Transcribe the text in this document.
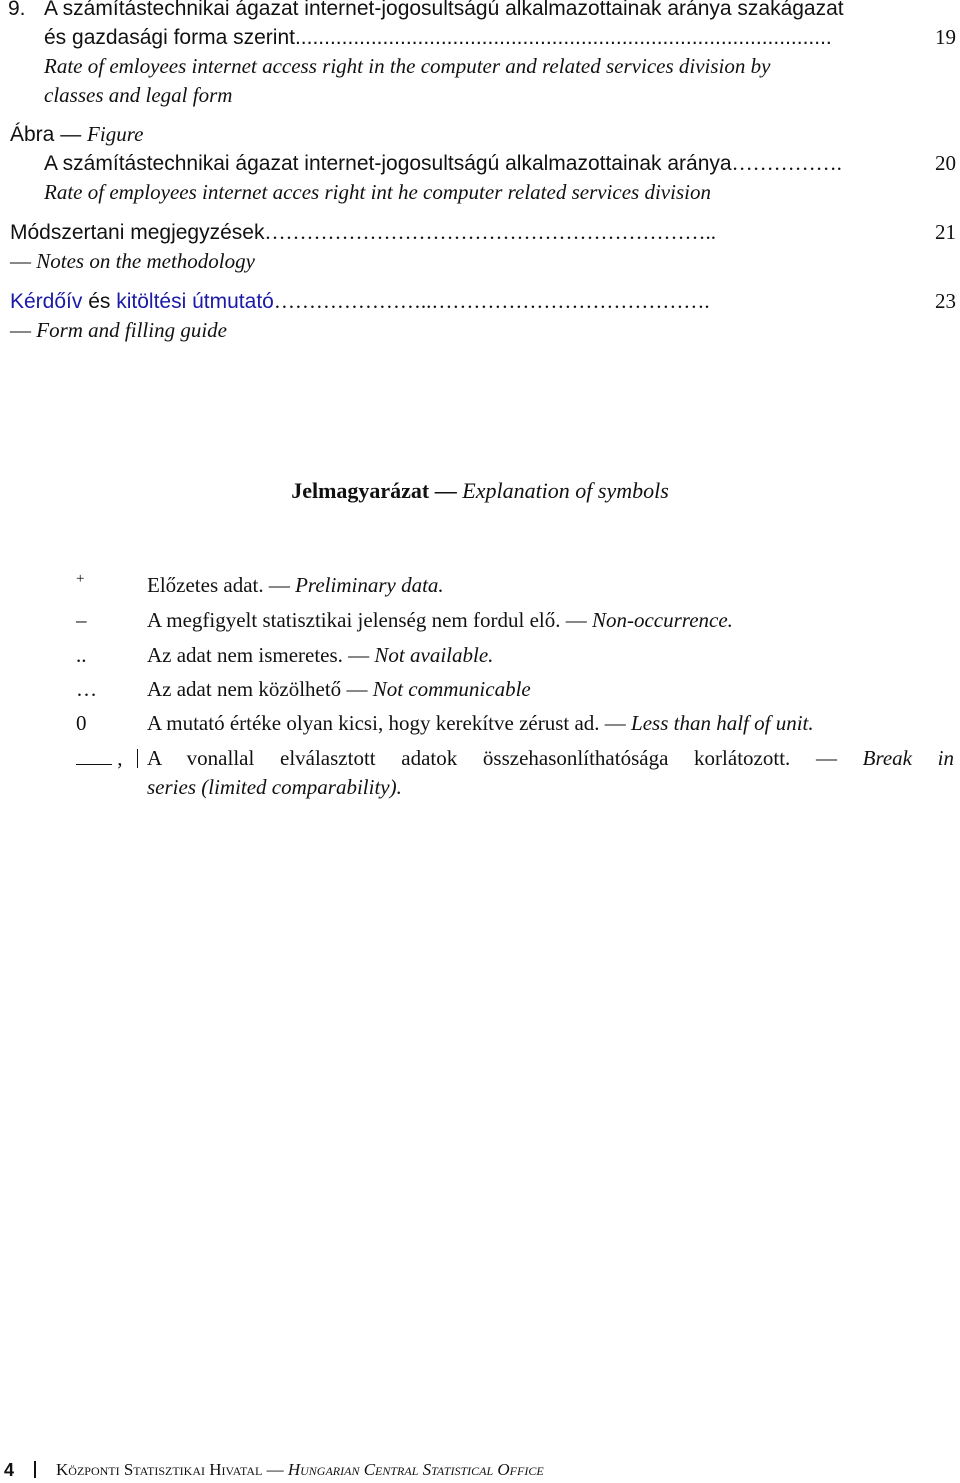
9. A számítástechnikai ágazat internet-jogosultságú alkalmazottainak aránya szakágazat
és gazdasági forma szerint............................................................................................	19
Rate of emloyees internet access right in the computer and related services division by
classes and legal form
Ábra — Figure
A számítástechnikai ágazat internet-jogosultságú alkalmazottainak aránya…………….	20
Rate of employees internet acces right int he computer related services division
Módszertani megjegyzések………………………………………………………..	21
— Notes on the methodology
Kérdőív és kitöltési útmutató…………………..………………………………….	23
— Form and filling guide
Jelmagyarázat — Explanation of symbols
+	Előzetes adat. — Preliminary data.
–	A megfigyelt statisztikai jelenség nem fordul elő. — Non-occurrence.
..	Az adat nem ismeretes. — Not available.
… Az adat nem közölhető — Not communicable
0	A mutató értéke olyan kicsi, hogy kerekítve zérust ad. — Less than half of unit.
,	A vonallal elválasztott adatok összehasonlíthatósága korlátozott. — Break in
series (limited comparability).
4 Központi Statisztikai Hivatal — Hungarian Central Statistical Office
